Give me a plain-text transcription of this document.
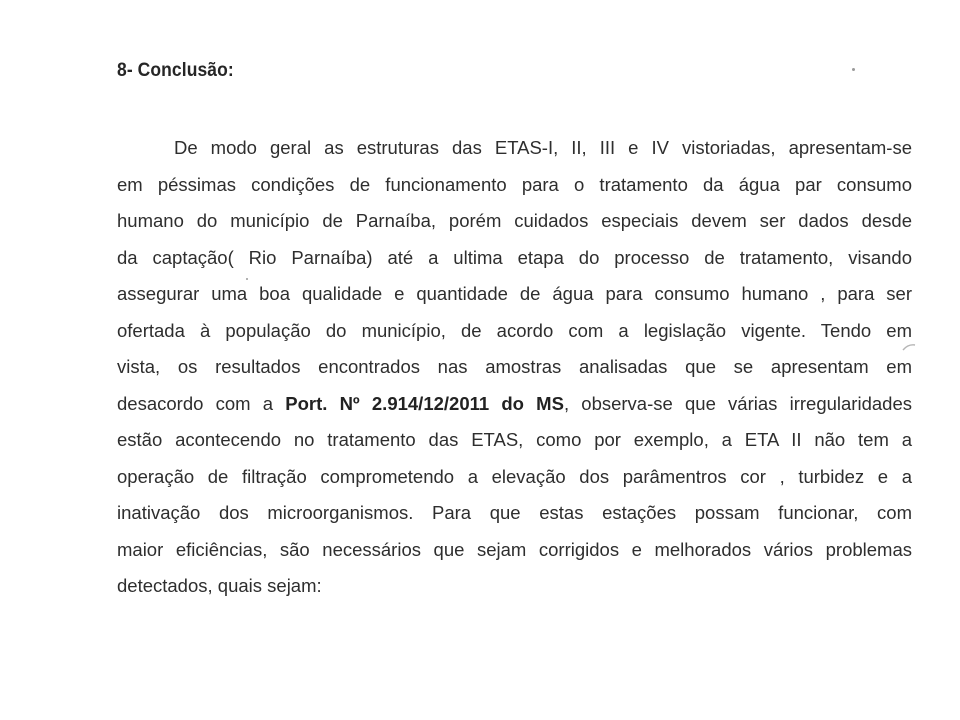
8- Conclusão:
De modo geral as estruturas das ETAS-I, II, III e IV vistoriadas, apresentam-se
em péssimas condições de funcionamento para o tratamento da água par consumo
humano do município de Parnaíba, porém cuidados especiais devem ser dados desde
da captação( Rio Parnaíba) até a ultima etapa do processo de tratamento, visando
assegurar uma boa qualidade e quantidade de água para consumo humano , para ser
ofertada à população do município, de acordo com a legislação vigente. Tendo em
vista, os resultados encontrados nas amostras analisadas que se apresentam em
desacordo com a Port. Nº 2.914/12/2011 do MS, observa-se que várias irregularidades
estão acontecendo no tratamento das ETAS, como por exemplo, a ETA II não tem a
operação de filtração comprometendo a elevação dos parâmentros cor , turbidez e a
inativação dos microorganismos. Para que estas estações possam funcionar, com
maior eficiências, são necessários que sejam corrigidos e melhorados vários problemas
detectados, quais sejam:
